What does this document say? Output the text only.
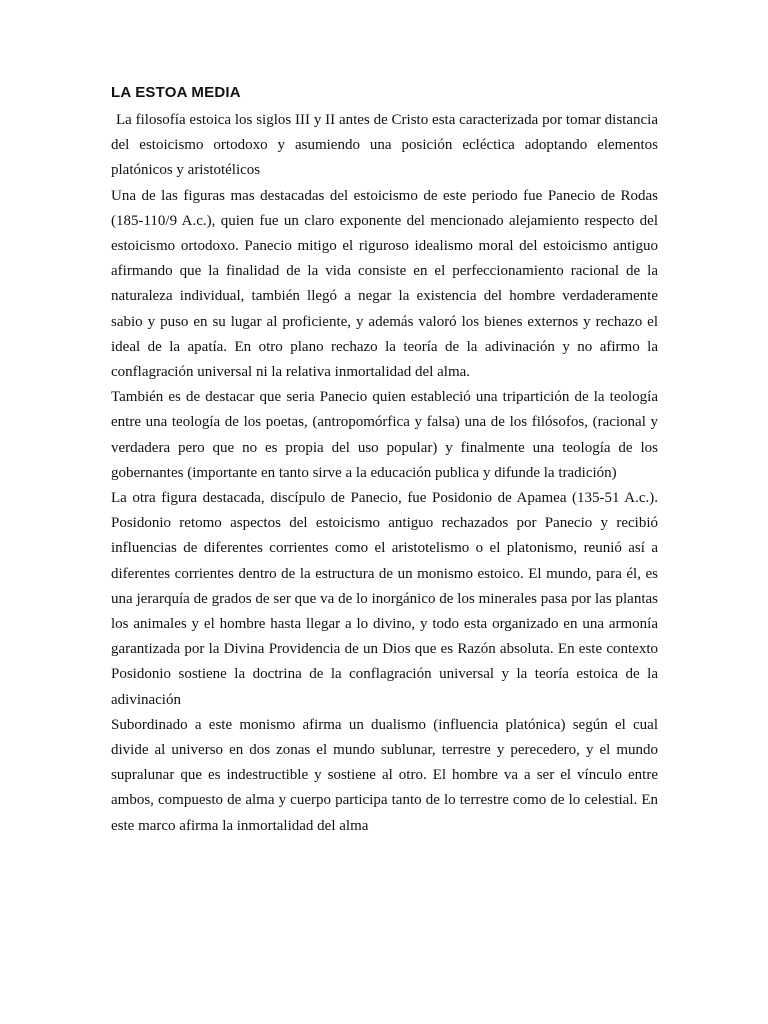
LA ESTOA MEDIA

La filosofía estoica los siglos III y II antes de Cristo esta caracterizada por tomar distancia del estoicismo ortodoxo y asumiendo una posición ecléctica adoptando elementos platónicos y aristotélicos

Una de las figuras mas destacadas del estoicismo de este periodo fue Panecio de Rodas (185-110/9 A.c.), quien fue un claro exponente del mencionado alejamiento respecto del estoicismo ortodoxo. Panecio mitigo el riguroso idealismo moral del estoicismo antiguo afirmando que la finalidad de la vida consiste en el perfeccionamiento racional de la naturaleza individual, también llegó a negar la existencia del hombre verdaderamente sabio y puso en su lugar al proficiente, y además valoró los bienes externos y rechazo el ideal de la apatía. En otro plano rechazo la teoría de la adivinación y no afirmo la conflagración universal ni la relativa inmortalidad del alma.

También es de destacar que seria Panecio quien estableció una tripartición de la teología entre una teología de los poetas, (antropomórfica y falsa) una de los filósofos, (racional y verdadera pero que no es propia del uso popular) y finalmente una teología de los gobernantes (importante en tanto sirve a la educación publica y difunde la tradición)

La otra figura destacada, discípulo de Panecio, fue Posidonio de Apamea (135-51 A.c.). Posidonio retomo aspectos del estoicismo antiguo rechazados por Panecio y recibió influencias de diferentes corrientes como el aristotelismo o el platonismo, reunió así a diferentes corrientes dentro de la estructura de un monismo estoico. El mundo, para él, es una jerarquía de grados de ser que va de lo inorgánico de los minerales pasa por las plantas los animales y el hombre hasta llegar a lo divino, y todo esta organizado en una armonía garantizada por la Divina Providencia de un Dios que es Razón absoluta. En este contexto Posidonio sostiene la doctrina de la conflagración universal y la teoría estoica de la adivinación

Subordinado a este monismo afirma un dualismo (influencia platónica) según el cual divide al universo en dos zonas el mundo sublunar, terrestre y perecedero, y el mundo supralunar que es indestructible y sostiene al otro. El hombre va a ser el vínculo entre ambos, compuesto de alma y cuerpo participa tanto de lo terrestre como de lo celestial. En este marco afirma la inmortalidad del alma
